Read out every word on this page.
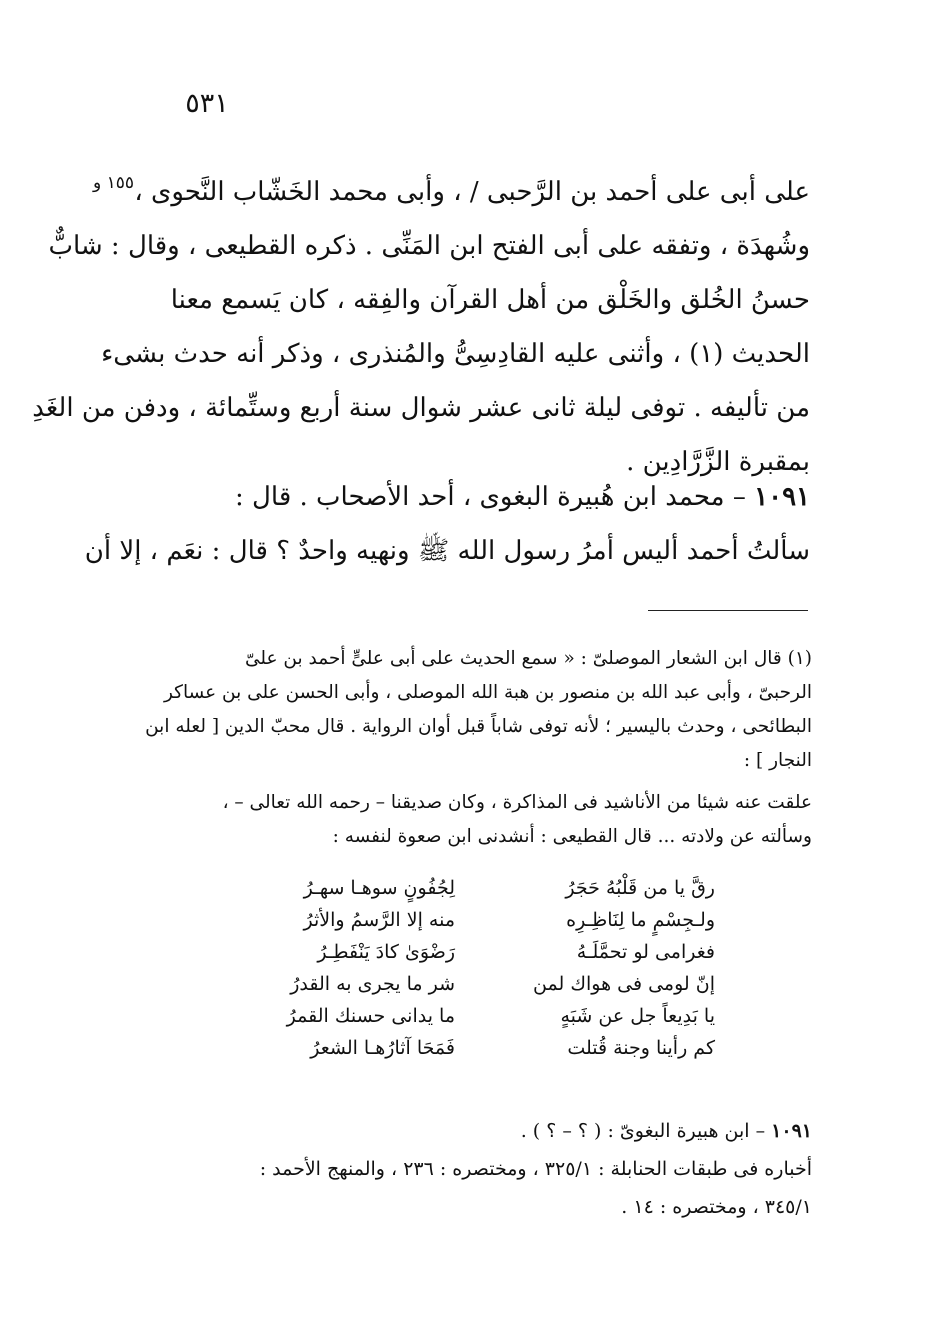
٥٣١
١٥٥ و على أبى على أحمد بن الرَّحبى / ، وأبى محمد الخَشّاب النَّحوى ،
وشُهدَة ، وتفقه على أبى الفتح ابن المَنِّى . ذكره القطيعى ، وقال : شابٌّ
حسنُ الخُلق والخَلْق من أهل القرآن والفِقه ، كان يَسمع معنا
الحديث (١) ، وأثنى عليه القادِسِىُّ والمُنذرى ، وذكر أنه حدث بشىء
من تأليفه . توفى ليلة ثانى عشر شوال سنة أربع وستِّمائة ، ودفن من الغَدِ
بمقبرة الزَّرَّادِين .
١٠٩١ – محمد ابن هُبيرة البغوى ، أحد الأصحاب . قال :
سألتُ أحمد أليس أمرُ رسول الله ﷺ ونهيه واحدٌ ؟ قال : نعَم ، إلا أن
(١) قال ابن الشعار الموصلىّ : « سمع الحديث على أبى علىٍّ أحمد بن علىّ
الرحبىّ ، وأبى عبد الله بن منصور بن هبة الله الموصلى ، وأبى الحسن على بن عساكر
البطائحى ، وحدث باليسير ؛ لأنه توفى شاباً قبل أوان الرواية . قال محبّ الدين [ لعله ابن
النجار ] :
علقت عنه شيئا من الأناشيد فى المذاكرة ، وكان صديقنا – رحمه الله تعالى – ،
وسألته عن ولادته ... قال القطيعى : أنشدنى ابن صعوة لنفسه :
رقَّ يا من قَلْبُهُ حَجَرُ
لِجُفُونٍ سوهـا سهـرُ
ولـجِسْمٍ ما لِنَاظِـرِه
منه إلا الرَّسمُ والأثرُ
فغرامى لو تحمَّلَـهُ
رَضْوَىٰ كادَ يَنْفَطِـرُ
إنّ لومى فى هواك لمن
شر ما يجرى به القدرُ
يا بَدِيعاً جل عن شَبَهٍ
ما يدانى حسنك القمرُ
كم رأينا وجنة قُتلت
فَمَحَا آثارُهـا الشعرُ
١٠٩١ – ابن هبيرة البغوىّ : ( ؟ – ؟ ) .
أخباره فى طبقات الحنابلة : ٣٢٥/١ ، ومختصره : ٢٣٦ ، والمنهج الأحمد :
٣٤٥/١ ، ومختصره : ١٤ .
